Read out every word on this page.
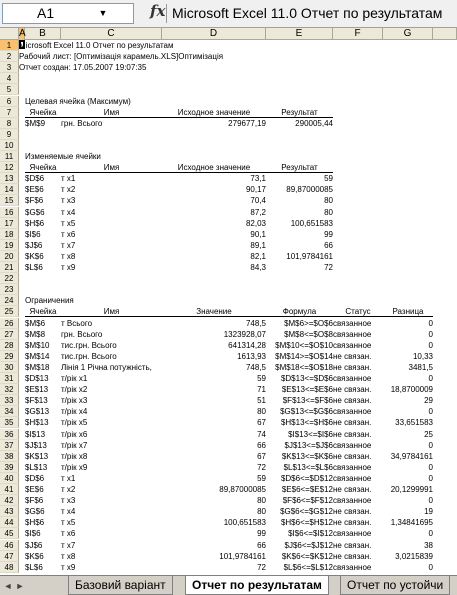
A1	▼	fx Microsoft Excel 11.0 Отчет по результатам
A	B	C	D	E	F	G
1 Microsoft Excel 11.0 Отчет по результатам
2 Рабочий лист: [Оптимізація карамель.XLS]Оптимізація
3 Отчет создан: 17.05.2007 19:07:35
4
5
6	Целевая ячейка (Максимум)
7	Ячейка	Имя	Исходное значение	Результат
8	$M$9	грн. Всього	279677,19	290005,44
9
10
11	Изменяемые ячейки
12	Ячейка	Имя	Исходное значение	Результат
13	$D$6	т x1	73,1	59
14	$E$6	т x2	90,17	89,87000085
15	$F$6	т x3	70,4	80
16	$G$6	т x4	87,2	80
17	$H$6	т x5	82,03	100,651583
18	$I$6	т x6	90,1	99
19	$J$6	т x7	89,1	66
20	$K$6	т x8	82,1	101,9784161
21	$L$6	т x9	84,3	72
22
23
24	Ограничения
25	Ячейка	Имя	Значение	Формула	Статус	Разница
26	$M$6	т Всього	748,5	$M$6>=$O$6 связанное	0
27	$M$8	грн. Всього	1323928,07	$M$8<=$O$8 связанное	0
28	$M$10	тис.грн. Всього	641314,28	$M$10<=$O$10 связанное	0
29	$M$14	тис.грн. Всього	1613,93	$M$14>=$O$14 не связан.	10,33
30	$M$18	Лінія 1 Річна потужність,	748,5	$M$18<=$O$18 не связан.	3481,5
31	$D$13	т/рік x1	59	$D$13<=$D$6 связанное	0
32	$E$13	т/рік x2	71	$E$13<=$E$6 не связан.	18,8700009
33	$F$13	т/рік x3	51	$F$13<=$F$6 не связан.	29
34	$G$13	т/рік x4	80	$G$13<=$G$6 связанное	0
35	$H$13	т/рік x5	67	$H$13<=$H$6 не связан.	33,651583
36	$I$13	т/рік x6	74	$I$13<=$I$6 не связан.	25
37	$J$13	т/рік x7	66	$J$13<=$J$6 связанное	0
38	$K$13	т/рік x8	67	$K$13<=$K$6 не связан.	34,9784161
39	$L$13	т/рік x9	72	$L$13<=$L$6 связанное	0
40	$D$6	т x1	59	$D$6<=$D$12 связанное	0
41	$E$6	т x2	89,87000085	$E$6<=$E$12 не связан.	20,1299991
42	$F$6	т x3	80	$F$6<=$F$12 связанное	0
43	$G$6	т x4	80	$G$6<=$G$12 не связан.	19
44	$H$6	т x5	100,651583	$H$6<=$H$12 не связан.	1,34841695
45	$I$6	т x6	99	$I$6<=$I$12 связанное	0
46	$J$6	т x7	66	$J$6<=$J$12 не связан.	38
47	$K$6	т x8	101,9784161	$K$6<=$K$12 не связан.	3,0215839
48	$L$6	т x9	72	$L$6<=$L$12 связанное	0
◄ ►	Базовий варіант	Отчет по результатам	Отчет по устойчи
